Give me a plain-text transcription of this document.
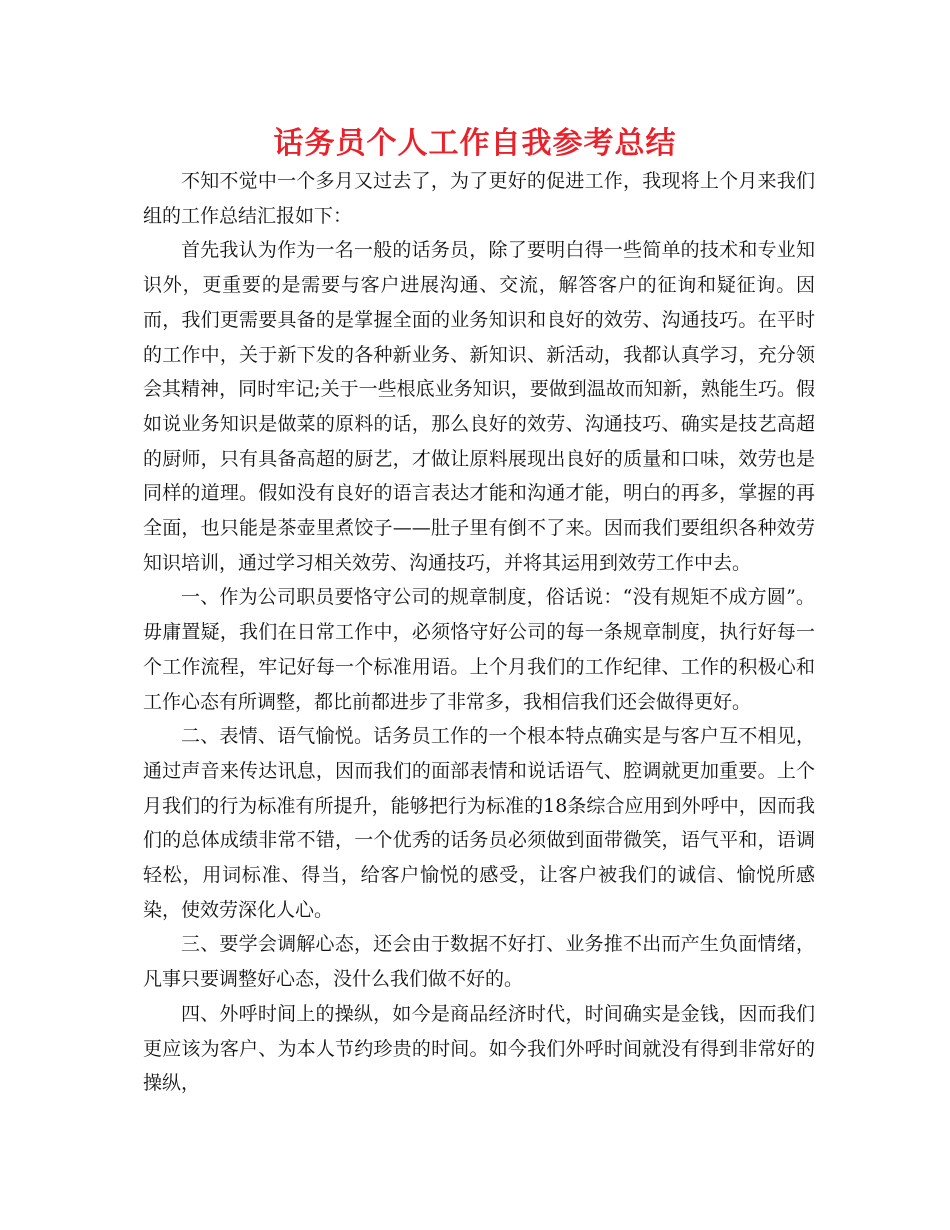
话务员个人工作自我参考总结

不知不觉中一个多月又过去了，为了更好的促进工作，我现将上个月来我们组的工作总结汇报如下：

首先我认为作为一名一般的话务员，除了要明白得一些简单的技术和专业知识外，更重要的是需要与客户进展沟通、交流，解答客户的征询和疑征询。因而，我们更需要具备的是掌握全面的业务知识和良好的效劳、沟通技巧。在平时的工作中，关于新下发的各种新业务、新知识、新活动，我都认真学习，充分领会其精神，同时牢记;关于一些根底业务知识，要做到温故而知新，熟能生巧。假如说业务知识是做菜的原料的话，那么良好的效劳、沟通技巧、确实是技艺高超的厨师，只有具备高超的厨艺，才做让原料展现出良好的质量和口味，效劳也是同样的道理。假如没有良好的语言表达才能和沟通才能，明白的再多，掌握的再全面，也只能是茶壶里煮饺子——肚子里有倒不了来。因而我们要组织各种效劳知识培训，通过学习相关效劳、沟通技巧，并将其运用到效劳工作中去。

一、作为公司职员要恪守公司的规章制度，俗话说：“没有规矩不成方圆”。毋庸置疑，我们在日常工作中，必须恪守好公司的每一条规章制度，执行好每一个工作流程，牢记好每一个标准用语。上个月我们的工作纪律、工作的积极心和工作心态有所调整，都比前都进步了非常多，我相信我们还会做得更好。

二、表情、语气愉悦。话务员工作的一个根本特点确实是与客户互不相见，通过声音来传达讯息，因而我们的面部表情和说话语气、腔调就更加重要。上个月我们的行为标准有所提升，能够把行为标准的18条综合应用到外呼中，因而我们的总体成绩非常不错，一个优秀的话务员必须做到面带微笑，语气平和，语调轻松，用词标准、得当，给客户愉悦的感受，让客户被我们的诚信、愉悦所感染，使效劳深化人心。

三、要学会调解心态，还会由于数据不好打、业务推不出而产生负面情绪，凡事只要调整好心态，没什么我们做不好的。

四、外呼时间上的操纵，如今是商品经济时代，时间确实是金钱，因而我们更应该为客户、为本人节约珍贵的时间。如今我们外呼时间就没有得到非常好的操纵，
